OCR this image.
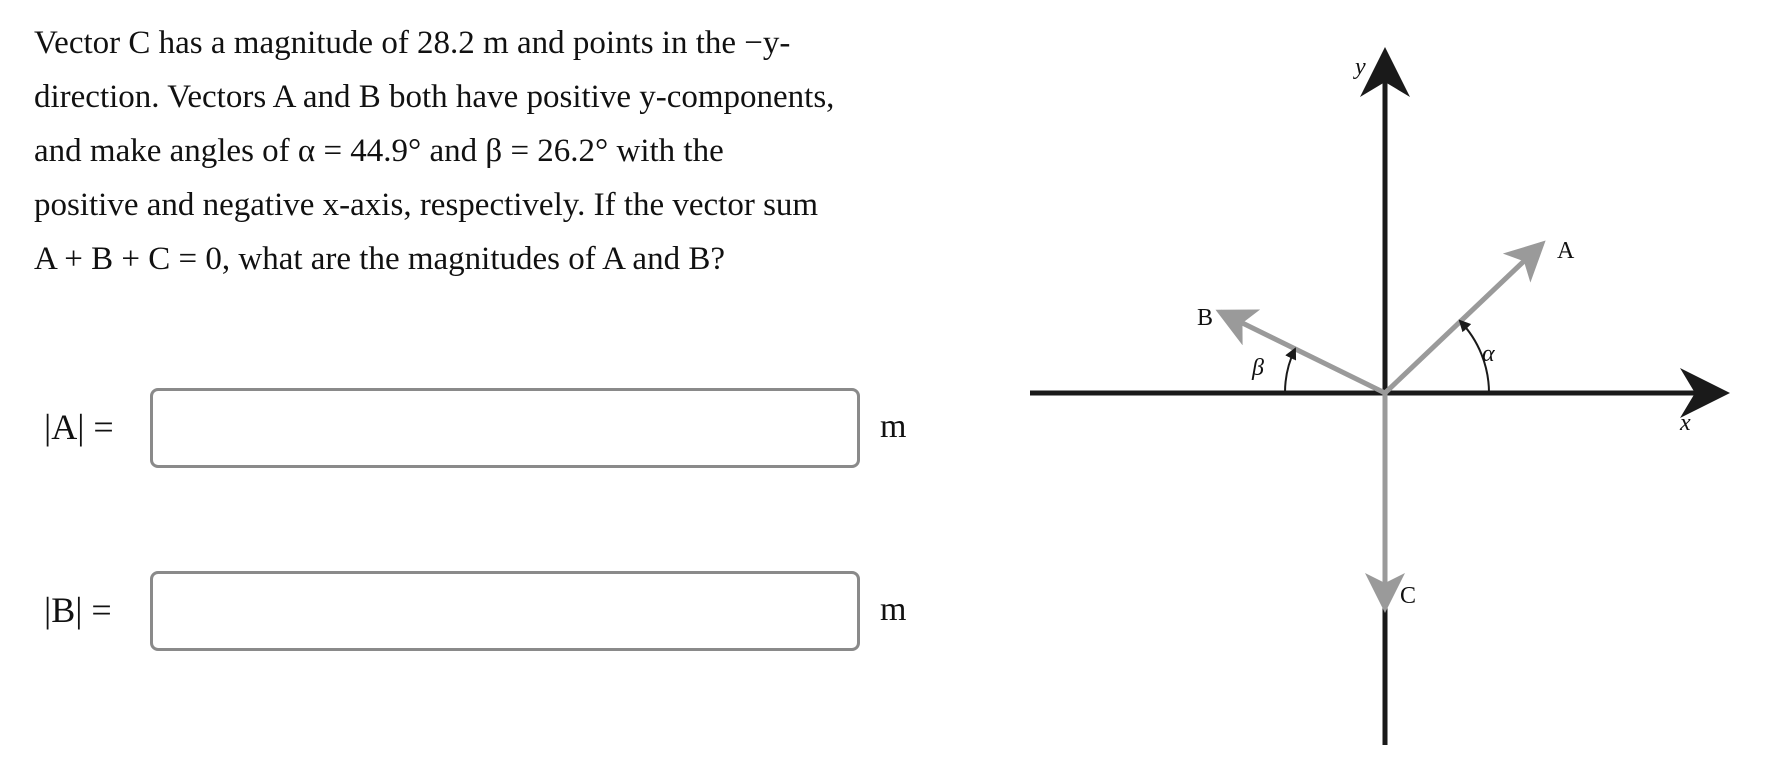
Vector C has a magnitude of 28.2 m and points in the −y-
direction. Vectors A and B both have positive y-components,
and make angles of α = 44.9° and β = 26.2° with the
positive and negative x-axis, respectively. If the vector sum
A + B + C = 0, what are the magnitudes of A and B?
|A| =	m
|B| =	m
y
x
A
B
C
α
β
